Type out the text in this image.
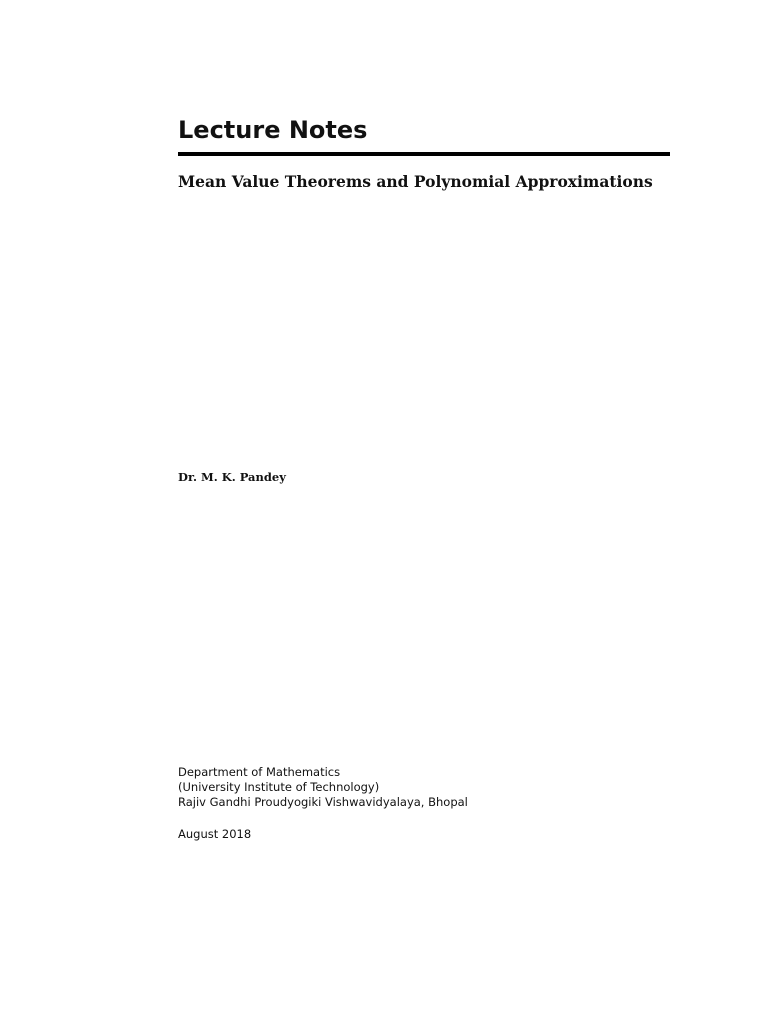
Lecture Notes
Mean Value Theorems and Polynomial Approximations
Dr. M. K. Pandey
Department of Mathematics
(University Institute of Technology)
Rajiv Gandhi Proudyogiki Vishwavidyalaya, Bhopal
August 2018
